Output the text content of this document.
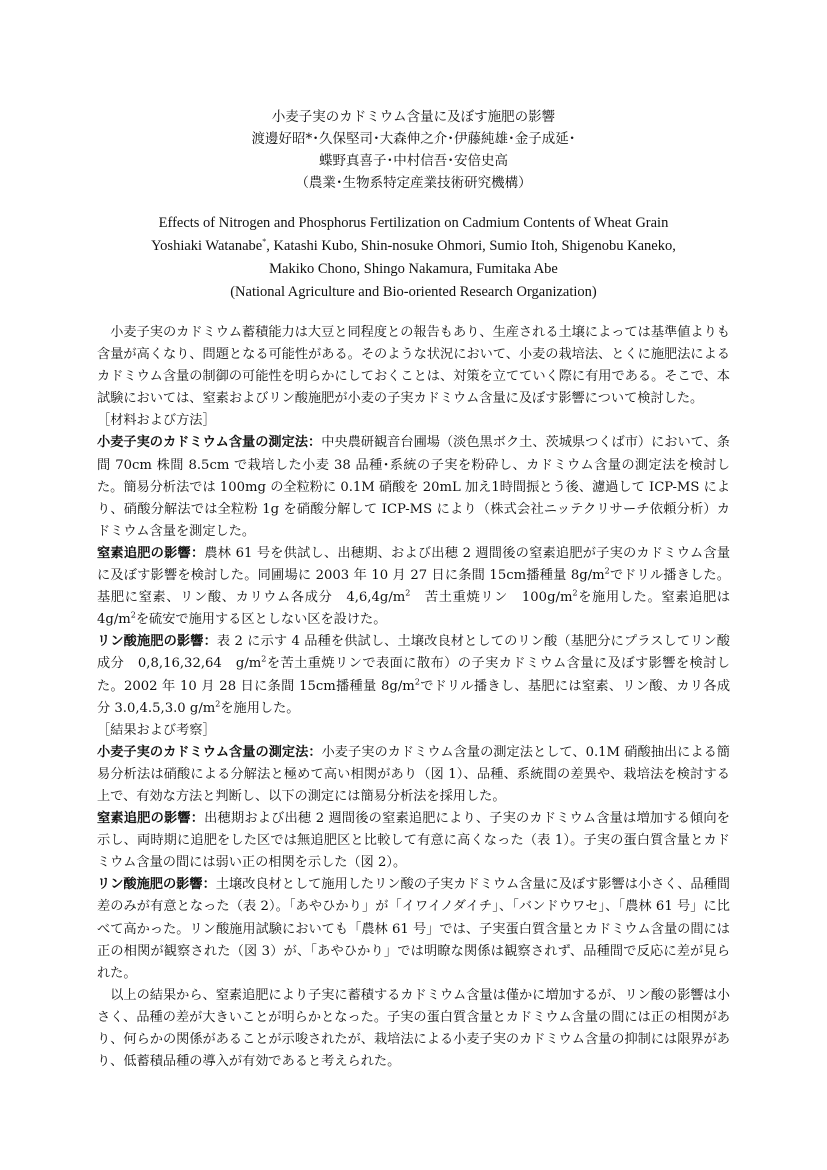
小麦子実のカドミウム含量に及ぼす施肥の影響

渡邊好昭*･久保堅司･大森伸之介･伊藤純雄･金子成延･

蝶野真喜子･中村信吾･安倍史高

（農業･生物系特定産業技術研究機構）

Effects of Nitrogen and Phosphorus Fertilization on Cadmium Contents of Wheat Grain

Yoshiaki Watanabe*, Katashi Kubo, Shin-nosuke Ohmori, Sumio Itoh, Shigenobu Kaneko,

Makiko Chono, Shingo Nakamura, Fumitaka Abe

(National Agriculture and Bio-oriented Research Organization)

小麦子実のカドミウム蓄積能力は大豆と同程度との報告もあり、生産される土壌によっては基準値よりも含量が高くなり、問題となる可能性がある。そのような状況において、小麦の栽培法、とくに施肥法によるカドミウム含量の制御の可能性を明らかにしておくことは、対策を立てていく際に有用である。そこで、本試験においては、窒素およびリン酸施肥が小麦の子実カドミウム含量に及ぼす影響について検討した。

［材料および方法］

小麦子実のカドミウム含量の測定法：中央農研観音台圃場（淡色黒ボク土、茨城県つくば市）において、条間 70cm 株間 8.5cm で栽培した小麦 38 品種･系統の子実を粉砕し、カドミウム含量の測定法を検討した。簡易分析法では 100mg の全粒粉に 0.1M 硝酸を 20mL 加え1時間振とう後、濾過して ICP-MS により、硝酸分解法では全粒粉 1g を硝酸分解して ICP-MS により（株式会社ニッテクリサーチ依頼分析）カドミウム含量を測定した。

窒素追肥の影響：農林 61 号を供試し、出穂期、および出穂 2 週間後の窒素追肥が子実のカドミウム含量に及ぼす影響を検討した。同圃場に 2003 年 10 月 27 日に条間 15cm播種量 $8g/m^2$でドリル播きした。基肥に窒素、リン酸、カリウム各成分　$4,6,4g/m^2$　苦土重焼リン　$100g/m^2$を施用した。窒素追肥は $4g/m^2$を硫安で施用する区としない区を設けた。

リン酸施肥の影響：表 2 に示す 4 品種を供試し、土壌改良材としてのリン酸（基肥分にプラスしてリン酸成分　0,8,16,32,64　$g/m^2$を苦土重焼リンで表面に散布）の子実カドミウム含量に及ぼす影響を検討した。2002 年 10 月 28 日に条間 15cm播種量 $8g/m^2$でドリル播きし、基肥には窒素、リン酸、カリ各成分 3.0,4.5,3.0 $g/m^2$を施用した。

［結果および考察］

小麦子実のカドミウム含量の測定法：小麦子実のカドミウム含量の測定法として、0.1M 硝酸抽出による簡易分析法は硝酸による分解法と極めて高い相関があり（図 1）、品種、系統間の差異や、栽培法を検討する上で、有効な方法と判断し、以下の測定には簡易分析法を採用した。

窒素追肥の影響：出穂期および出穂 2 週間後の窒素追肥により、子実のカドミウム含量は増加する傾向を示し、両時期に追肥をした区では無追肥区と比較して有意に高くなった（表 1）。子実の蛋白質含量とカドミウム含量の間には弱い正の相関を示した（図 2）。

リン酸施肥の影響：土壌改良材として施用したリン酸の子実カドミウム含量に及ぼす影響は小さく、品種間差のみが有意となった（表 2）。「あやひかり」が「イワイノダイチ」、「バンドウワセ」、「農林 61 号」に比べて高かった。リン酸施用試験においても「農林 61 号」では、子実蛋白質含量とカドミウム含量の間には正の相関が観察された（図 3）が、「あやひかり」では明瞭な関係は観察されず、品種間で反応に差が見られた。

以上の結果から、窒素追肥により子実に蓄積するカドミウム含量は僅かに増加するが、リン酸の影響は小さく、品種の差が大きいことが明らかとなった。子実の蛋白質含量とカドミウム含量の間には正の相関があり、何らかの関係があることが示唆されたが、栽培法による小麦子実のカドミウム含量の抑制には限界があり、低蓄積品種の導入が有効であると考えられた。
